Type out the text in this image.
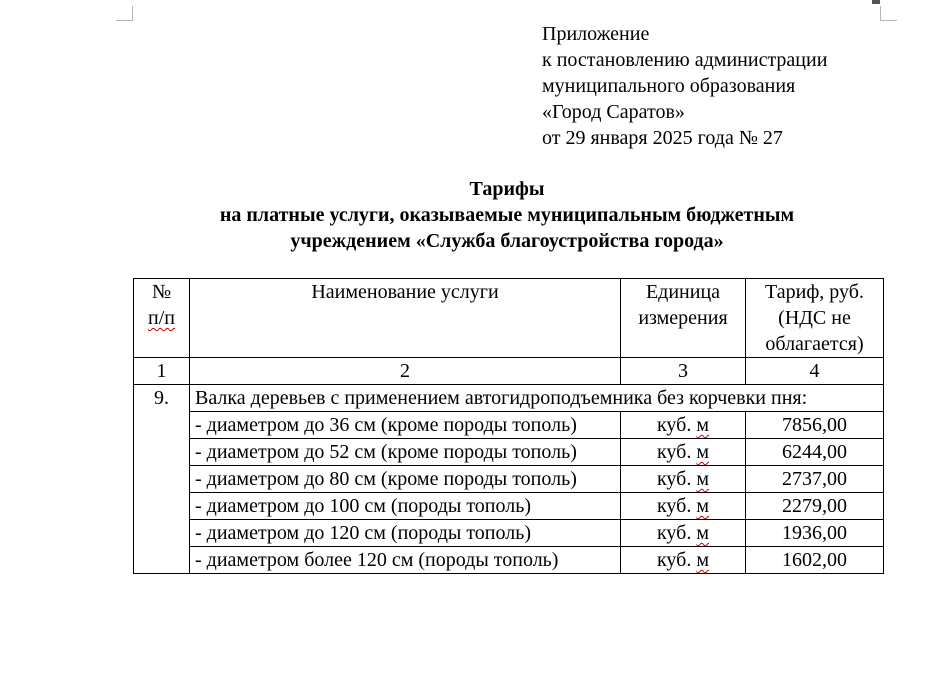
Приложение
к постановлению администрации
муниципального образования
«Город Саратов»
от 29 января 2025 года № 27
Тарифы
на платные услуги, оказываемые муниципальным бюджетным
учреждением «Служба благоустройства города»
№
п/п	Наименование услуги	Единица измерения	Тариф, руб. (НДС не облагается)
1	2	3	4
9.	Валка деревьев с применением автогидроподъемника без корчевки пня:		
	- диаметром до 36 см (кроме породы тополь)	куб. м	7856,00
	- диаметром до 52 см (кроме породы тополь)	куб. м	6244,00
	- диаметром до 80 см (кроме породы тополь)	куб. м	2737,00
	- диаметром до 100 см (породы тополь)	куб. м	2279,00
	- диаметром до 120 см (породы тополь)	куб. м	1936,00
	- диаметром более 120 см (породы тополь)	куб. м	1602,00
